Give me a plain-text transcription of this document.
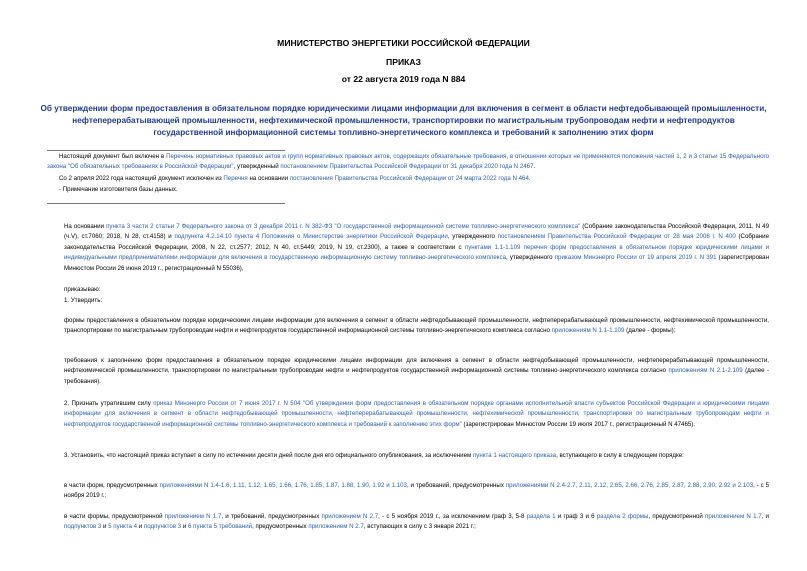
МИНИСТЕРСТВО ЭНЕРГЕТИКИ РОССИЙСКОЙ ФЕДЕРАЦИИ
ПРИКАЗ
от 22 августа 2019 года N 884
Об утверждении форм предоставления в обязательном порядке юридическими лицами информации для включения в сегмент в области нефтедобывающей промышленности, нефтеперерабатывающей промышленности, нефтехимической промышленности, транспортировки по магистральным трубопроводам нефти и нефтепродуктов государственной информационной системы топливно-энергетического комплекса и требований к заполнению этих форм
Настоящий документ был включен в Перечень нормативных правовых актов и групп нормативных правовых актов, содержащих обязательные требования, в отношении которых не применяются положения частей 1, 2 и 3 статьи 15 Федерального закона "Об обязательных требованиях в Российской Федерации", утвержденный постановлением Правительства Российской Федерации от 31 декабря 2020 года N 2467.
Со 2 апреля 2022 года настоящий документ исключен из Перечня на основании постановления Правительства Российской Федерации от 24 марта 2022 года N 464.
- Примечание изготовителя базы данных.
На основании пункта 3 части 2 статьи 7 Федерального закона от 3 декабря 2011 г. N 382-ФЗ "О государственной информационной системе топливно-энергетического комплекса" (Собрание законодательства Российской Федерации, 2011, N 49 (ч.V), ст.7060; 2018, N 28, ст.4158) и подпункта 4.2.14.10 пункта 4 Положения о Министерстве энергетики Российской Федерации, утвержденного постановлением Правительства Российской Федерации от 28 мая 2008 г. N 400 (Собрание законодательства Российской Федерации, 2008, N 22, ст.2577; 2012, N 40, ст.5449; 2019, N 19, ст.2300), а также в соответствии с пунктами 1.1-1.109 перечня форм предоставления в обязательном порядке юридическими лицами и индивидуальными предпринимателями информации для включения в государственную информационную систему топливно-энергетического комплекса, утвержденного приказом Минэнерго России от 19 апреля 2019 г. N 391 (зарегистрирован Минюстом России 26 июня 2019 г., регистрационный N 55036),
приказываю:
1. Утвердить:
формы предоставления в обязательном порядке юридическими лицами информации для включения в сегмент в области нефтедобывающей промышленности, нефтеперерабатывающей промышленности, нефтехимической промышленности, транспортировки по магистральным трубопроводам нефти и нефтепродуктов государственной информационной системы топливно-энергетического комплекса согласно приложениям N 1.1-1.109 (далее - формы);
требования к заполнению форм предоставления в обязательном порядке юридическими лицами информации для включения в сегмент в области нефтедобывающей промышленности, нефтеперерабатывающей промышленности, нефтехимической промышленности, транспортировки по магистральным трубопроводам нефти и нефтепродуктов государственной информационной системы топливно-энергетического комплекса согласно приложениям N 2.1-2.109 (далее - требования).
2. Признать утратившим силу приказ Минэнерго России от 7 июня 2017 г. N 504 "Об утверждении форм предоставления в обязательном порядке органами исполнительной власти субъектов Российской Федерации и юридическими лицами информации для включения в сегмент в области нефтедобывающей промышленности, нефтеперерабатывающей промышленности, нефтехимической промышленности, транспортировки по магистральным трубопроводам нефти и нефтепродуктов государственной информационной системы топливно-энергетического комплекса и требований к заполнению этих форм" (зарегистрирован Минюстом России 19 июля 2017 г., регистрационный N 47465).
3. Установить, что настоящий приказ вступает в силу по истечении десяти дней после дня его официального опубликования, за исключением пункта 1 настоящего приказа, вступающего в силу в следующем порядке:
в части форм, предусмотренных приложениями N 1.4-1.6, 1.11, 1.12, 1.65, 1.66, 1.76, 1.85, 1.87, 1.88, 1.90, 1.92 и 1.103, и требований, предусмотренных приложениями N 2.4-2.7, 2.11, 2.12, 2.65, 2.66, 2.76, 2.85, 2.87, 2.88, 2.90, 2.92 и 2.103, - с 5 ноября 2019 г.;
в части формы, предусмотренной приложением N 1.7, и требований, предусмотренных приложением N 2.7, - с 5 ноября 2019 г., за исключением граф 3, 5-8 раздела 1 и граф 3 и 6 раздела 2 формы, предусмотренной приложением N 1.7, и подпунктов 3 и 5 пункта 4 и подпунктов 3 и 6 пункта 5 требований, предусмотренных приложением N 2.7, вступающих в силу с 3 января 2021 г.;
